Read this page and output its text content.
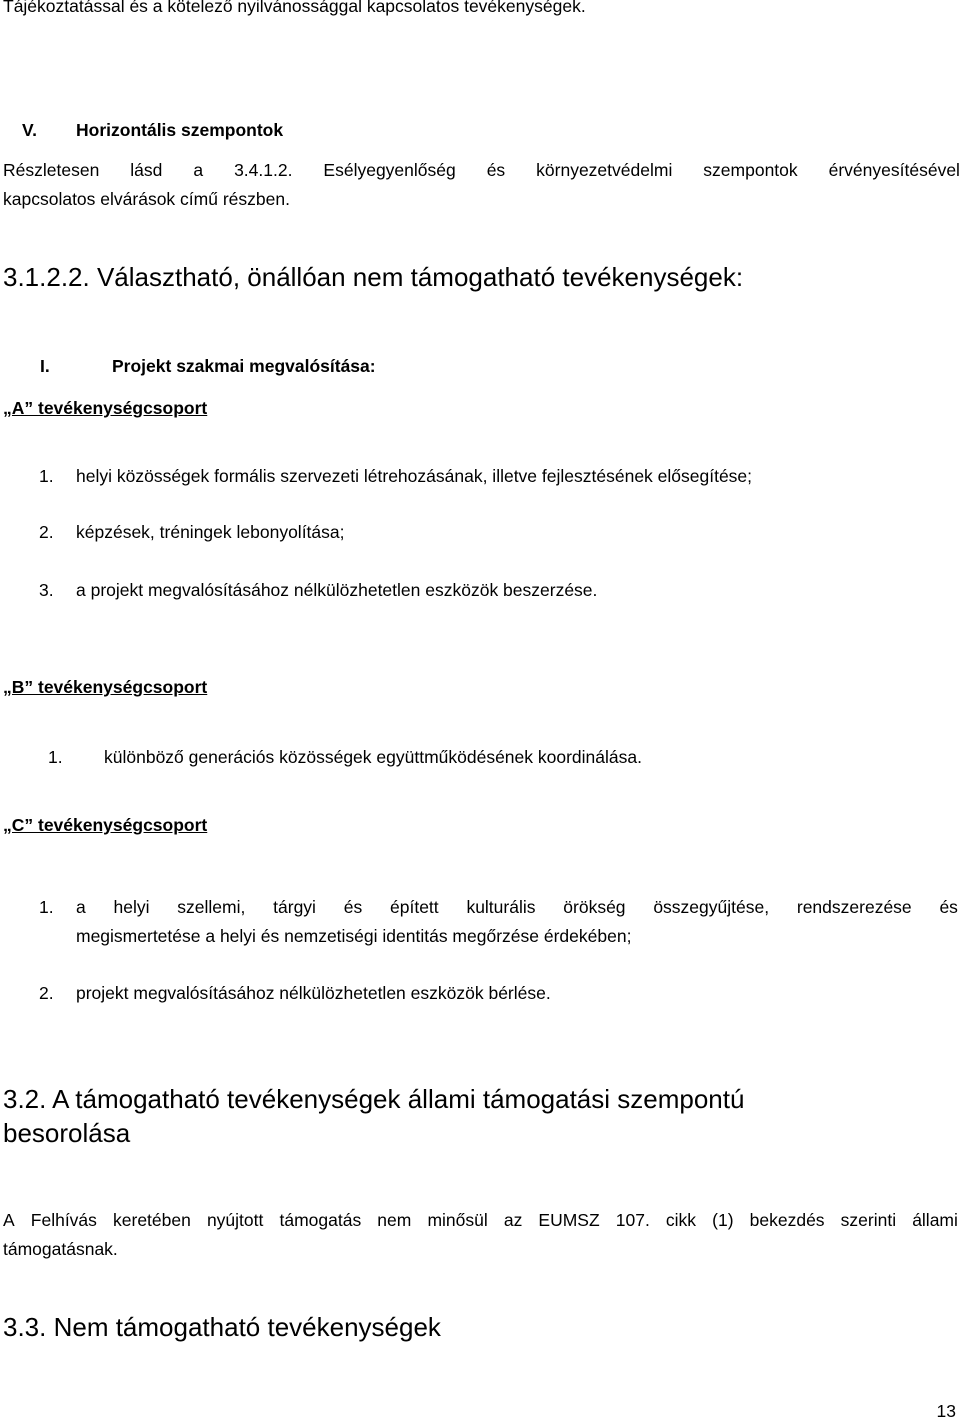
Tájékoztatással és a kötelező nyilvánossággal kapcsolatos tevékenységek.
V. Horizontális szempontok
Részletesen lásd a 3.4.1.2. Esélyegyenlőség és környezetvédelmi szempontok érvényesítésével
kapcsolatos elvárások című részben.
3.1.2.2. Választható, önállóan nem támogatható tevékenységek:
I.	Projekt szakmai megvalósítása:
„A” tevékenységcsoport
1. helyi közösségek formális szervezeti létrehozásának, illetve fejlesztésének elősegítése;
2. képzések, tréningek lebonyolítása;
3. a projekt megvalósításához nélkülözhetetlen eszközök beszerzése.
„B” tevékenységcsoport
1. különböző generációs közösségek együttműködésének koordinálása.
„C” tevékenységcsoport
1. a helyi szellemi, tárgyi és épített kulturális örökség összegyűjtése, rendszerezése és
megismertetése a helyi és nemzetiségi identitás megőrzése érdekében;
2. projekt megvalósításához nélkülözhetetlen eszközök bérlése.
3.2. A támogatható tevékenységek állami támogatási szempontú
besorolása
A Felhívás keretében nyújtott támogatás nem minősül az EUMSZ 107. cikk (1) bekezdés szerinti állami
támogatásnak.
3.3. Nem támogatható tevékenységek
13
